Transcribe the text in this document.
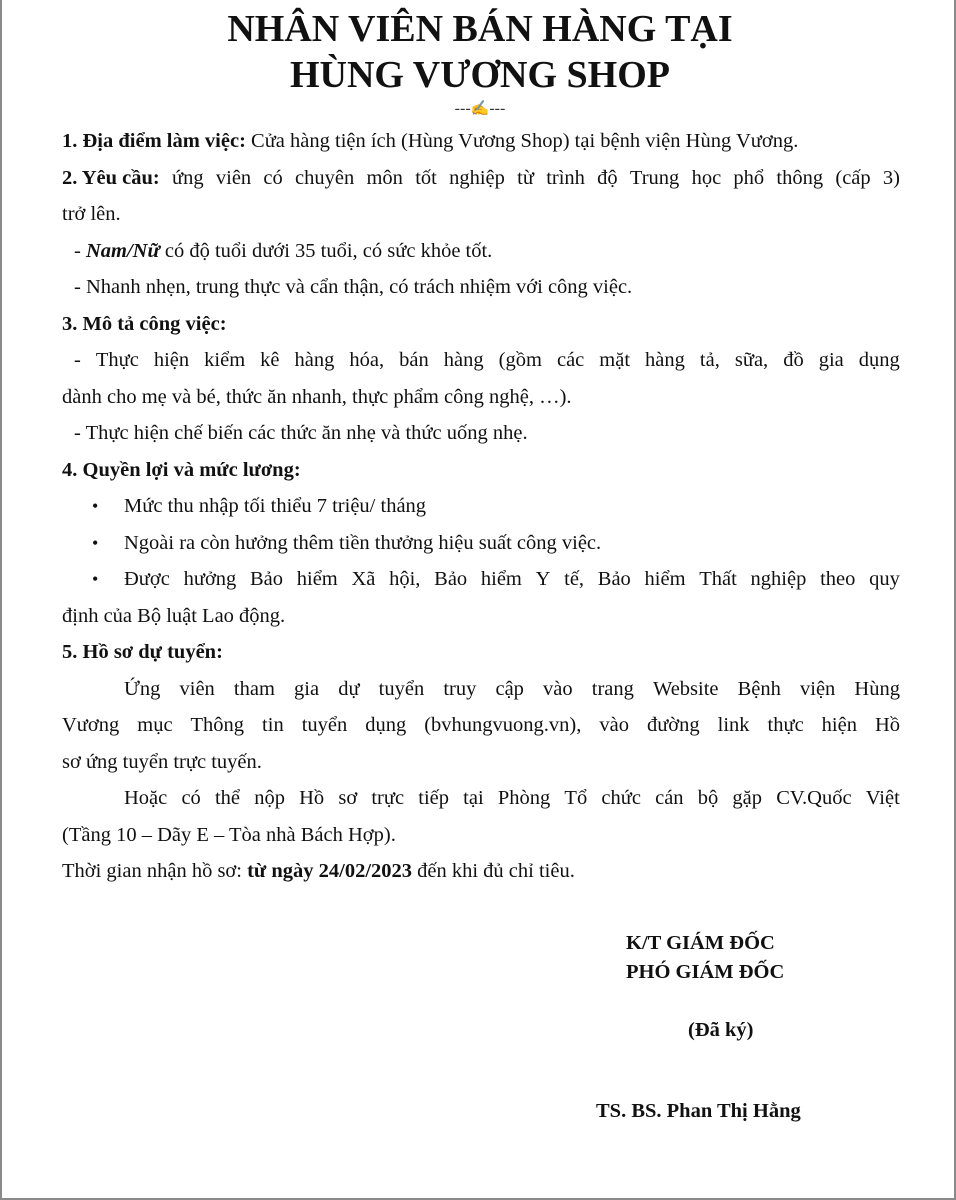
NHÂN VIÊN BÁN HÀNG TẠI
HÙNG VƯƠNG SHOP
---✍---
1. Địa điểm làm việc: Cửa hàng tiện ích (Hùng Vương Shop) tại bệnh viện Hùng Vương.
2. Yêu cầu: ứng viên có chuyên môn tốt nghiệp từ trình độ Trung học phổ thông (cấp 3)
trở lên.
- Nam/Nữ có độ tuổi dưới 35 tuổi, có sức khỏe tốt.
- Nhanh nhẹn, trung thực và cẩn thận, có trách nhiệm với công việc.
3. Mô tả công việc:
- Thực hiện kiểm kê hàng hóa, bán hàng (gồm các mặt hàng tả, sữa, đồ gia dụng
dành cho mẹ và bé, thức ăn nhanh, thực phẩm công nghệ, …).
- Thực hiện chế biến các thức ăn nhẹ và thức uống nhẹ.
4. Quyền lợi và mức lương:
• Mức thu nhập tối thiểu 7 triệu/ tháng
• Ngoài ra còn hưởng thêm tiền thưởng hiệu suất công việc.
• Được hưởng Bảo hiểm Xã hội, Bảo hiểm Y tế, Bảo hiểm Thất nghiệp theo quy
định của Bộ luật Lao động.
5. Hồ sơ dự tuyển:
Ứng viên tham gia dự tuyển truy cập vào trang Website Bệnh viện Hùng
Vương mục Thông tin tuyển dụng (bvhungvuong.vn), vào đường link thực hiện Hồ
sơ ứng tuyển trực tuyến.
Hoặc có thể nộp Hồ sơ trực tiếp tại Phòng Tổ chức cán bộ gặp CV.Quốc Việt
(Tầng 10 – Dãy E – Tòa nhà Bách Hợp).
Thời gian nhận hồ sơ: từ ngày 24/02/2023 đến khi đủ chỉ tiêu.
K/T GIÁM ĐỐC
PHÓ GIÁM ĐỐC
(Đã ký)
TS. BS. Phan Thị Hằng
